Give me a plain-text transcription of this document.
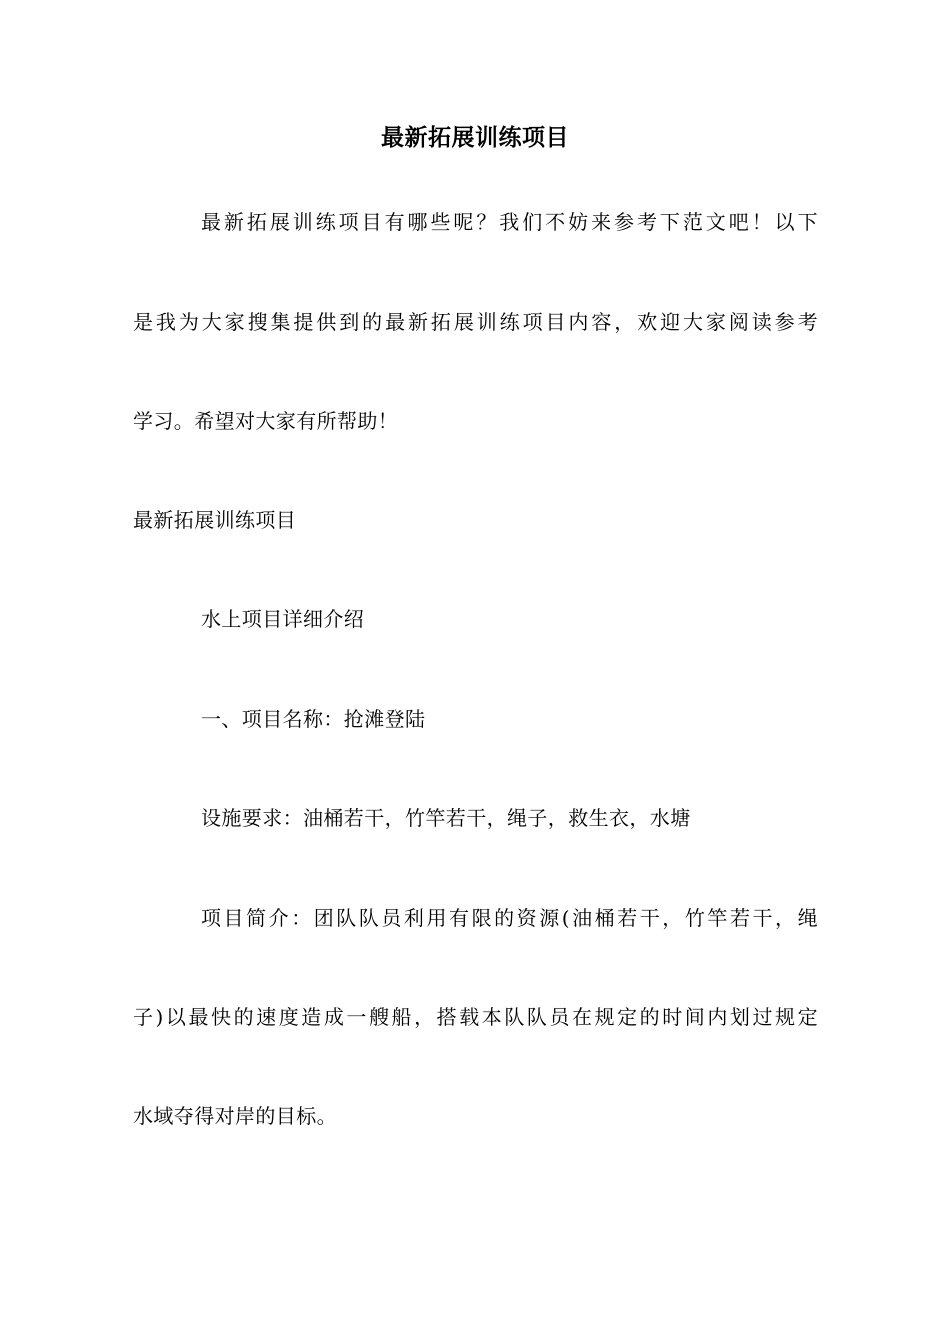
最新拓展训练项目
最新拓展训练项目有哪些呢？我们不妨来参考下范文吧！以下
是我为大家搜集提供到的最新拓展训练项目内容，欢迎大家阅读参考
学习。希望对大家有所帮助！
最新拓展训练项目
水上项目详细介绍
一、项目名称：抢滩登陆
设施要求：油桶若干，竹竿若干，绳子，救生衣，水塘
项目简介：团队队员利用有限的资源(油桶若干，竹竿若干，绳
子)以最快的速度造成一艘船，搭载本队队员在规定的时间内划过规定
水域夺得对岸的目标。
